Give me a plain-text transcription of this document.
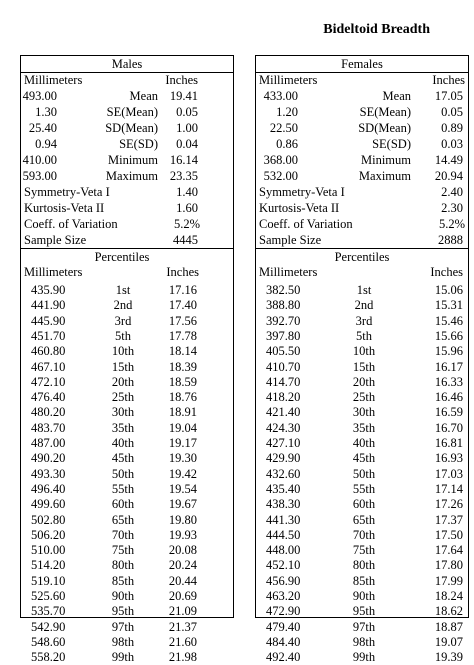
Bideltoid Breadth
Males
Millimeters	Inches
493.00	Mean 19.41
1.30	SE(Mean) 0.05
25.40	SD(Mean) 1.00
0.94	SE(SD) 0.04
410.00	Minimum 16.14
593.00	Maximum 23.35
Symmetry-Veta I	1.40
Kurtosis-Veta II	1.60
Coeff. of Variation	5.2%
Sample Size	4445
Percentiles
Millimeters	Inches
435.90	1st	17.16
441.90	2nd	17.40
445.90	3rd	17.56
451.70	5th	17.78
460.80	10th	18.14
467.10	15th	18.39
472.10	20th	18.59
476.40	25th	18.76
480.20	30th	18.91
483.70	35th	19.04
487.00	40th	19.17
490.20	45th	19.30
493.30	50th	19.42
496.40	55th	19.54
499.60	60th	19.67
502.80	65th	19.80
506.20	70th	19.93
510.00	75th	20.08
514.20	80th	20.24
519.10	85th	20.44
525.60	90th	20.69
535.70	95th	21.09
542.90	97th	21.37
548.60	98th	21.60
558.20	99th	21.98
Females
Millimeters	Inches
433.00	Mean 17.05
1.20	SE(Mean) 0.05
22.50	SD(Mean) 0.89
0.86	SE(SD) 0.03
368.00	Minimum 14.49
532.00	Maximum 20.94
Symmetry-Veta I	2.40
Kurtosis-Veta II	2.30
Coeff. of Variation	5.2%
Sample Size	2888
Percentiles
Millimeters	Inches
382.50	1st	15.06
388.80	2nd	15.31
392.70	3rd	15.46
397.80	5th	15.66
405.50	10th	15.96
410.70	15th	16.17
414.70	20th	16.33
418.20	25th	16.46
421.40	30th	16.59
424.30	35th	16.70
427.10	40th	16.81
429.90	45th	16.93
432.60	50th	17.03
435.40	55th	17.14
438.30	60th	17.26
441.30	65th	17.37
444.50	70th	17.50
448.00	75th	17.64
452.10	80th	17.80
456.90	85th	17.99
463.20	90th	18.24
472.90	95th	18.62
479.40	97th	18.87
484.40	98th	19.07
492.40	99th	19.39
